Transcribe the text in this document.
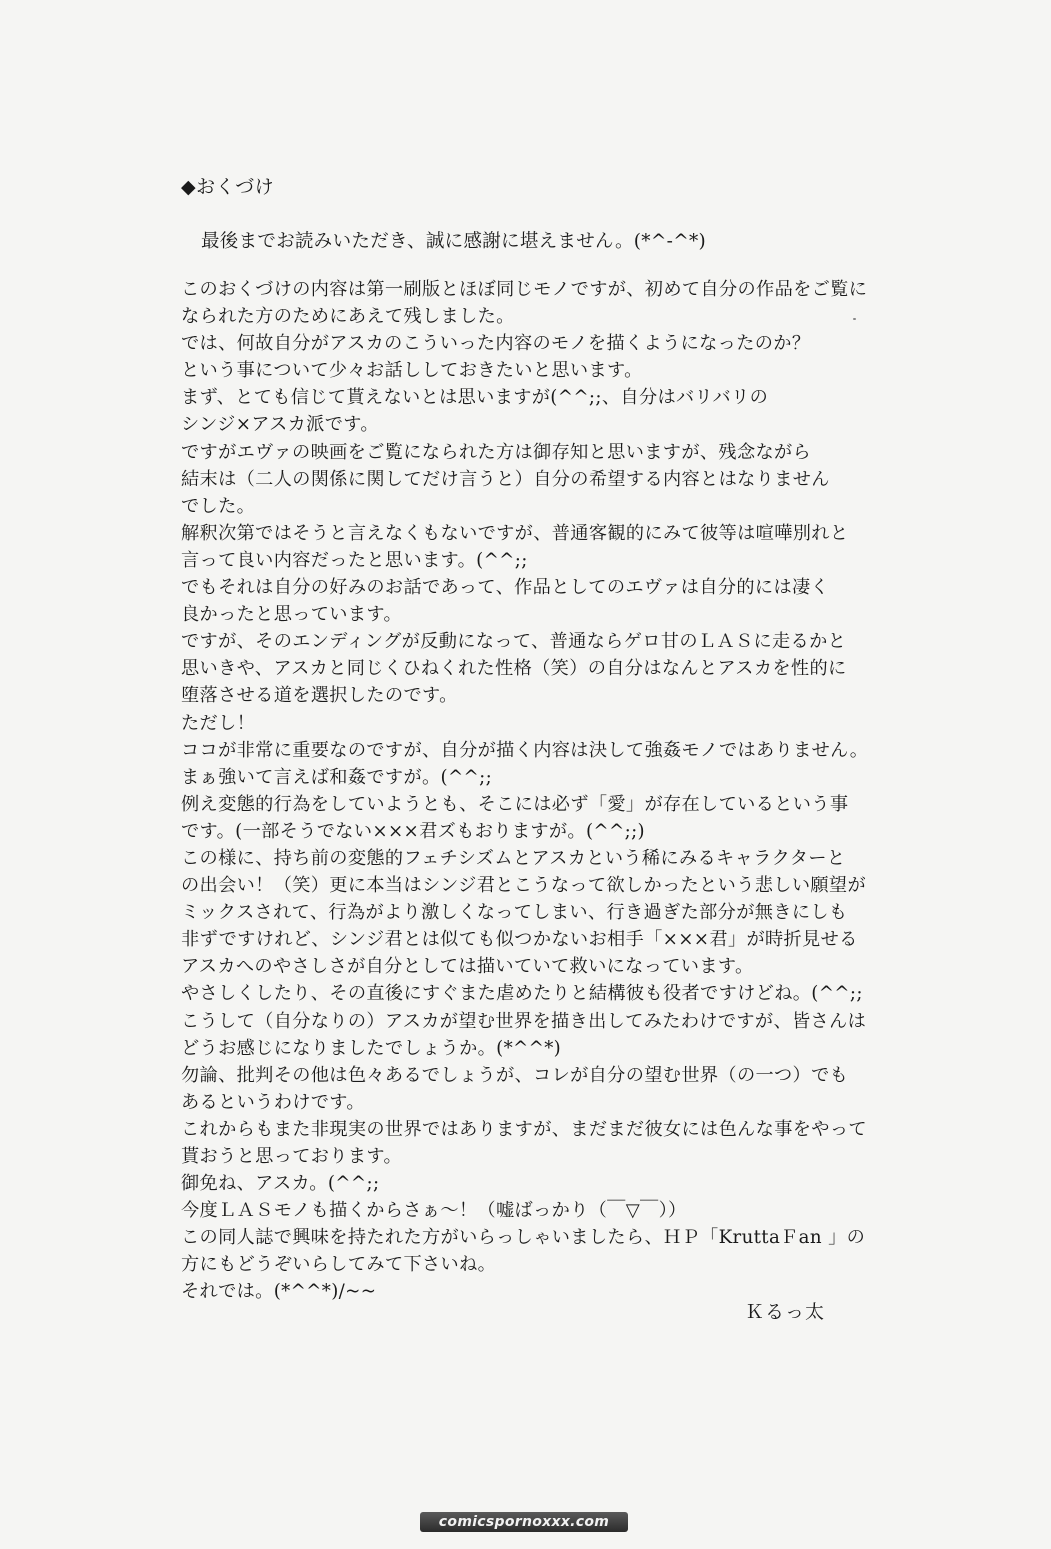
◆おくづけ
最後までお読みいただき、誠に感謝に堪えません。(*^-^*)
このおくづけの内容は第一刷版とほぼ同じモノですが、初めて自分の作品をご覧に
なられた方のためにあえて残しました。
では、何故自分がアスカのこういった内容のモノを描くようになったのか？
という事について少々お話ししておきたいと思います。
まず、とても信じて貰えないとは思いますが(^^;;、自分はバリバリの
シンジ×アスカ派です。
ですがエヴァの映画をご覧になられた方は御存知と思いますが、残念ながら
結末は（二人の関係に関してだけ言うと）自分の希望する内容とはなりません
でした。
解釈次第ではそうと言えなくもないですが、普通客観的にみて彼等は喧嘩別れと
言って良い内容だったと思います。(^^;;
でもそれは自分の好みのお話であって、作品としてのエヴァは自分的には凄く
良かったと思っています。
ですが、そのエンディングが反動になって、普通ならゲロ甘のＬＡＳに走るかと
思いきや、アスカと同じくひねくれた性格（笑）の自分はなんとアスカを性的に
堕落させる道を選択したのです。
ただし！
ココが非常に重要なのですが、自分が描く内容は決して強姦モノではありません。
まぁ強いて言えば和姦ですが。(^^;;
例え変態的行為をしていようとも、そこには必ず「愛」が存在しているという事
です。(一部そうでない×××君ズもおりますが。(^^;;)
この様に、持ち前の変態的フェチシズムとアスカという稀にみるキャラクターと
の出会い！（笑）更に本当はシンジ君とこうなって欲しかったという悲しい願望が
ミックスされて、行為がより激しくなってしまい、行き過ぎた部分が無きにしも
非ずですけれど、シンジ君とは似ても似つかないお相手「×××君」が時折見せる
アスカへのやさしさが自分としては描いていて救いになっています。
やさしくしたり、その直後にすぐまた虐めたりと結構彼も役者ですけどね。(^^;;
こうして（自分なりの）アスカが望む世界を描き出してみたわけですが、皆さんは
どうお感じになりましたでしょうか。(*^^*)
勿論、批判その他は色々あるでしょうが、コレが自分の望む世界（の一つ）でも
あるというわけです。
これからもまた非現実の世界ではありますが、まだまだ彼女には色んな事をやって
貰おうと思っております。
御免ね、アスカ。(^^;;
今度ＬＡＳモノも描くからさぁ～！（嘘ばっかり（￣▽￣））
この同人誌で興味を持たれた方がいらっしゃいましたら、ＨＰ「KruttaＦan 」の
方にもどうぞいらしてみて下さいね。
それでは。(*^^*)/~~
Ｋるっ太
comicspornoxxx.com
